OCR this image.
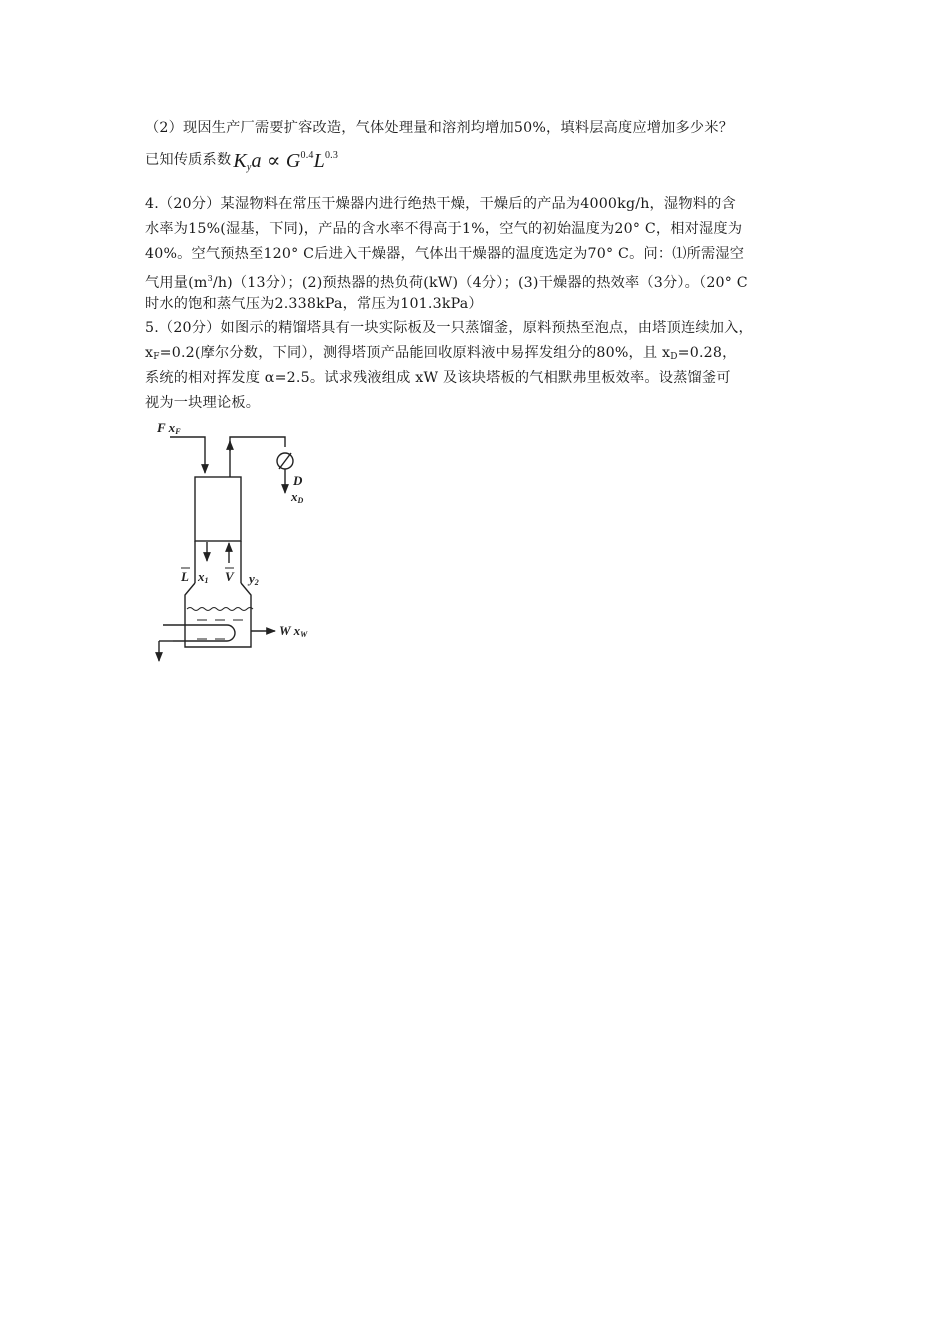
（2）现因生产厂需要扩容改造，气体处理量和溶剂均增加50%，填料层高度应增加多少米？
已知传质系数 $K_ya \propto G^{0.4}L^{0.3}$
4.（20分）某湿物料在常压干燥器内进行绝热干燥，干燥后的产品为4000kg/h，湿物料的含
水率为15%(湿基，下同)，产品的含水率不得高于1%，空气的初始温度为20° C，相对湿度为
40%。空气预热至120° C后进入干燥器，气体出干燥器的温度选定为70° C。问：⑴所需湿空
气用量$(m^3/h)(13$分）；(2)预热器的热负荷(kW)（4分）；(3)干燥器的热效率（3分）。（20° C
时水的饱和蒸气压为2.338kPa，常压为101.3kPa）
5.（20分）如图示的精馏塔具有一块实际板及一只蒸馏釜，原料预热至泡点，由塔顶连续加入，
$x_F=0.2$(摩尔分数，下同），测得塔顶产品能回收原料液中易挥发组分的80%，且 $x_D=0.28$，
系统的相对挥发度 α=2.5。试求残液组成 xW 及该块塔板的气相默弗里板效率。设蒸馏釜可
视为一块理论板。
F xF
D
xD
L x1 V y2
W xW
